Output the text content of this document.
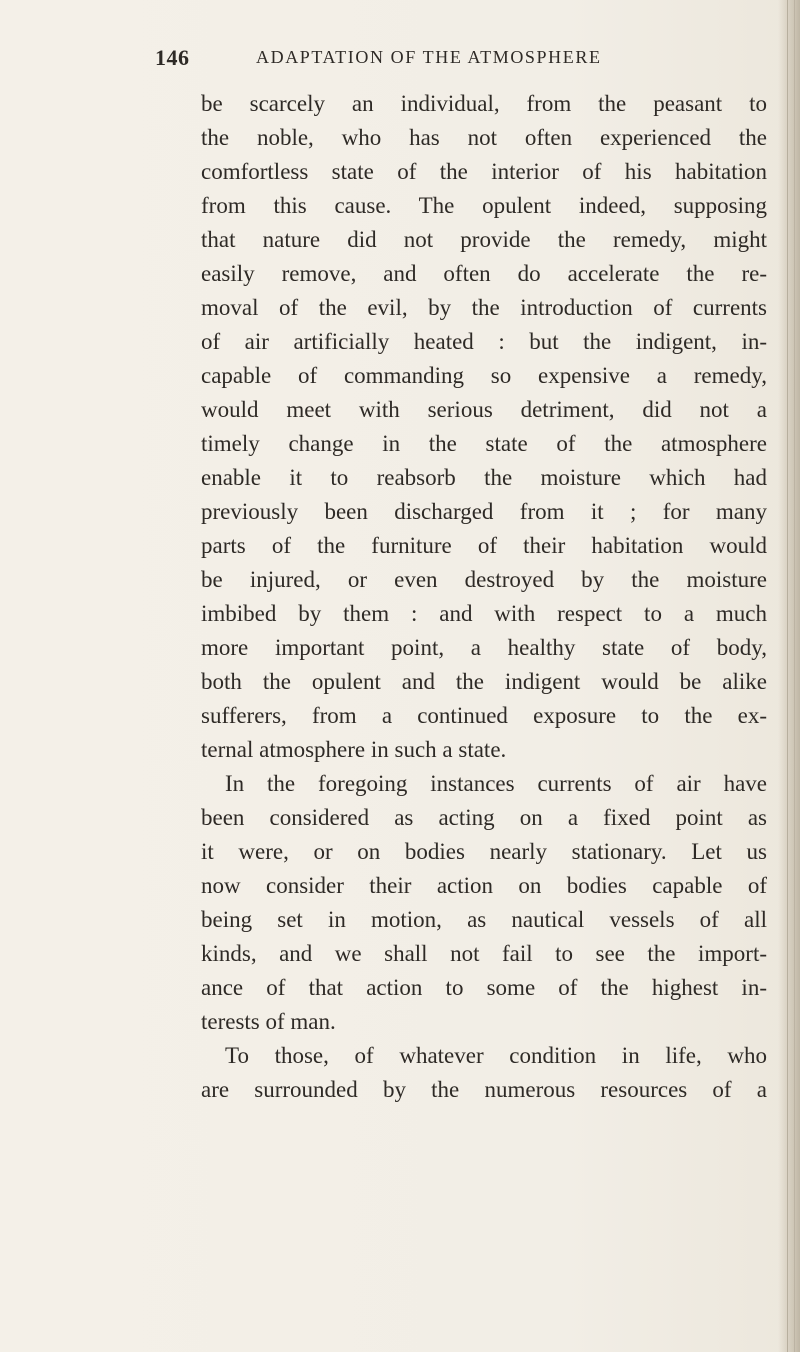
146	ADAPTATION OF THE ATMOSPHERE
be scarcely an individual, from the peasant to
the noble, who has not often experienced the
comfortless state of the interior of his habitation
from this cause. The opulent indeed, supposing
that nature did not provide the remedy, might
easily remove, and often do accelerate the re-
moval of the evil, by the introduction of currents
of air artificially heated : but the indigent, in-
capable of commanding so expensive a remedy,
would meet with serious detriment, did not a
timely change in the state of the atmosphere
enable it to reabsorb the moisture which had
previously been discharged from it ; for many
parts of the furniture of their habitation would
be injured, or even destroyed by the moisture
imbibed by them : and with respect to a much
more important point, a healthy state of body,
both the opulent and the indigent would be alike
sufferers, from a continued exposure to the ex-
ternal atmosphere in such a state.
In the foregoing instances currents of air have
been considered as acting on a fixed point as
it were, or on bodies nearly stationary. Let us
now consider their action on bodies capable of
being set in motion, as nautical vessels of all
kinds, and we shall not fail to see the import-
ance of that action to some of the highest in-
terests of man.
To those, of whatever condition in life, who
are surrounded by the numerous resources of a
